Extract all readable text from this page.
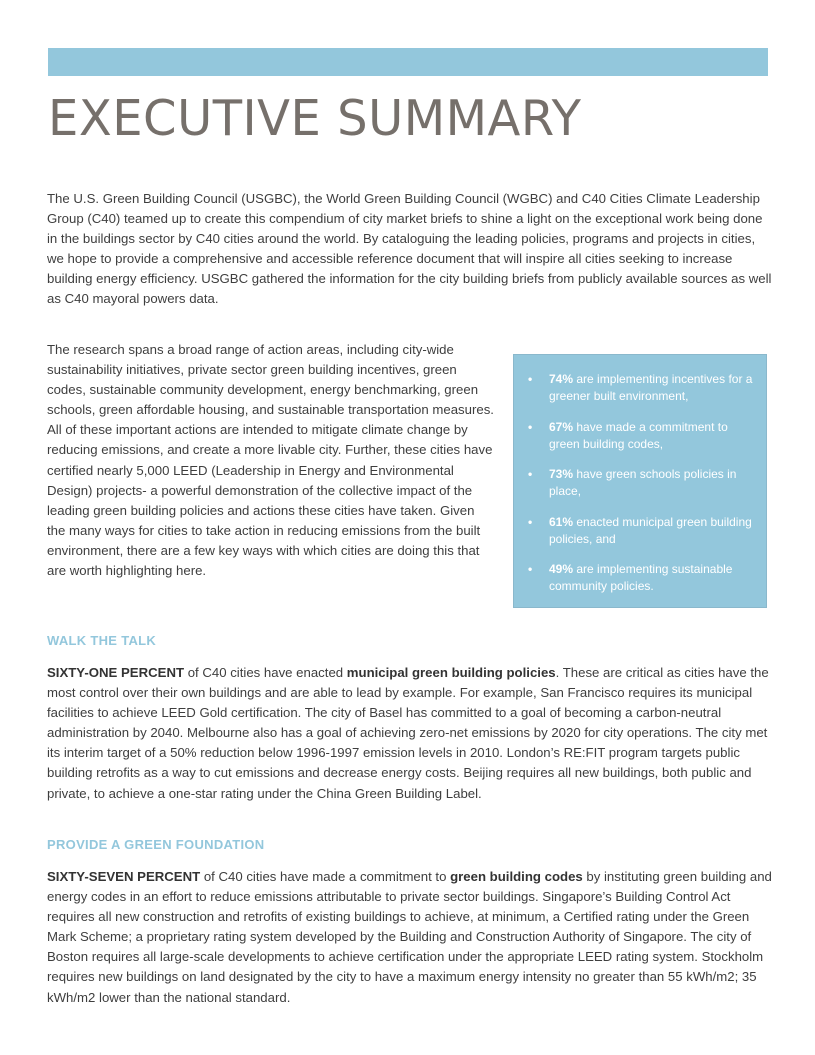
EXECUTIVE SUMMARY

The U.S. Green Building Council (USGBC), the World Green Building Council (WGBC) and C40 Cities Climate Leadership Group (C40) teamed up to create this compendium of city market briefs to shine a light on the exceptional work being done in the buildings sector by C40 cities around the world. By cataloguing the leading policies, programs and projects in cities, we hope to provide a comprehensive and accessible reference document that will inspire all cities seeking to increase building energy efficiency. USGBC gathered the information for the city building briefs from publicly available sources as well as C40 mayoral powers data.

The research spans a broad range of action areas, including city-wide sustainability initiatives, private sector green building incentives, green codes, sustainable community development, energy benchmarking, green schools, green affordable housing, and sustainable transportation measures. All of these important actions are intended to mitigate climate change by reducing emissions, and create a more livable city. Further, these cities have certified nearly 5,000 LEED (Leadership in Energy and Environmental Design) projects- a powerful demonstration of the collective impact of the leading green building policies and actions these cities have taken. Given the many ways for cities to take action in reducing emissions from the built environment, there are a few key ways with which cities are doing this that are worth highlighting here.

• 74% are implementing incentives for a greener built environment,
• 67% have made a commitment to green building codes,
• 73% have green schools policies in place,
• 61% enacted municipal green building policies, and
• 49% are implementing sustainable community policies.
WALK THE TALK

SIXTY-ONE PERCENT of C40 cities have enacted municipal green building policies. These are critical as cities have the most control over their own buildings and are able to lead by example. For example, San Francisco requires its municipal facilities to achieve LEED Gold certification. The city of Basel has committed to a goal of becoming a carbon-neutral administration by 2040. Melbourne also has a goal of achieving zero-net emissions by 2020 for city operations. The city met its interim target of a 50% reduction below 1996-1997 emission levels in 2010. London’s RE:FIT program targets public building retrofits as a way to cut emissions and decrease energy costs. Beijing requires all new buildings, both public and private, to achieve a one-star rating under the China Green Building Label.

PROVIDE A GREEN FOUNDATION

SIXTY-SEVEN PERCENT of C40 cities have made a commitment to green building codes by instituting green building and energy codes in an effort to reduce emissions attributable to private sector buildings. Singapore’s Building Control Act requires all new construction and retrofits of existing buildings to achieve, at minimum, a Certified rating under the Green Mark Scheme; a proprietary rating system developed by the Building and Construction Authority of Singapore. The city of Boston requires all large-scale developments to achieve certification under the appropriate LEED rating system. Stockholm requires new buildings on land designated by the city to have a maximum energy intensity no greater than 55 kWh/m2; 35 kWh/m2 lower than the national standard.
